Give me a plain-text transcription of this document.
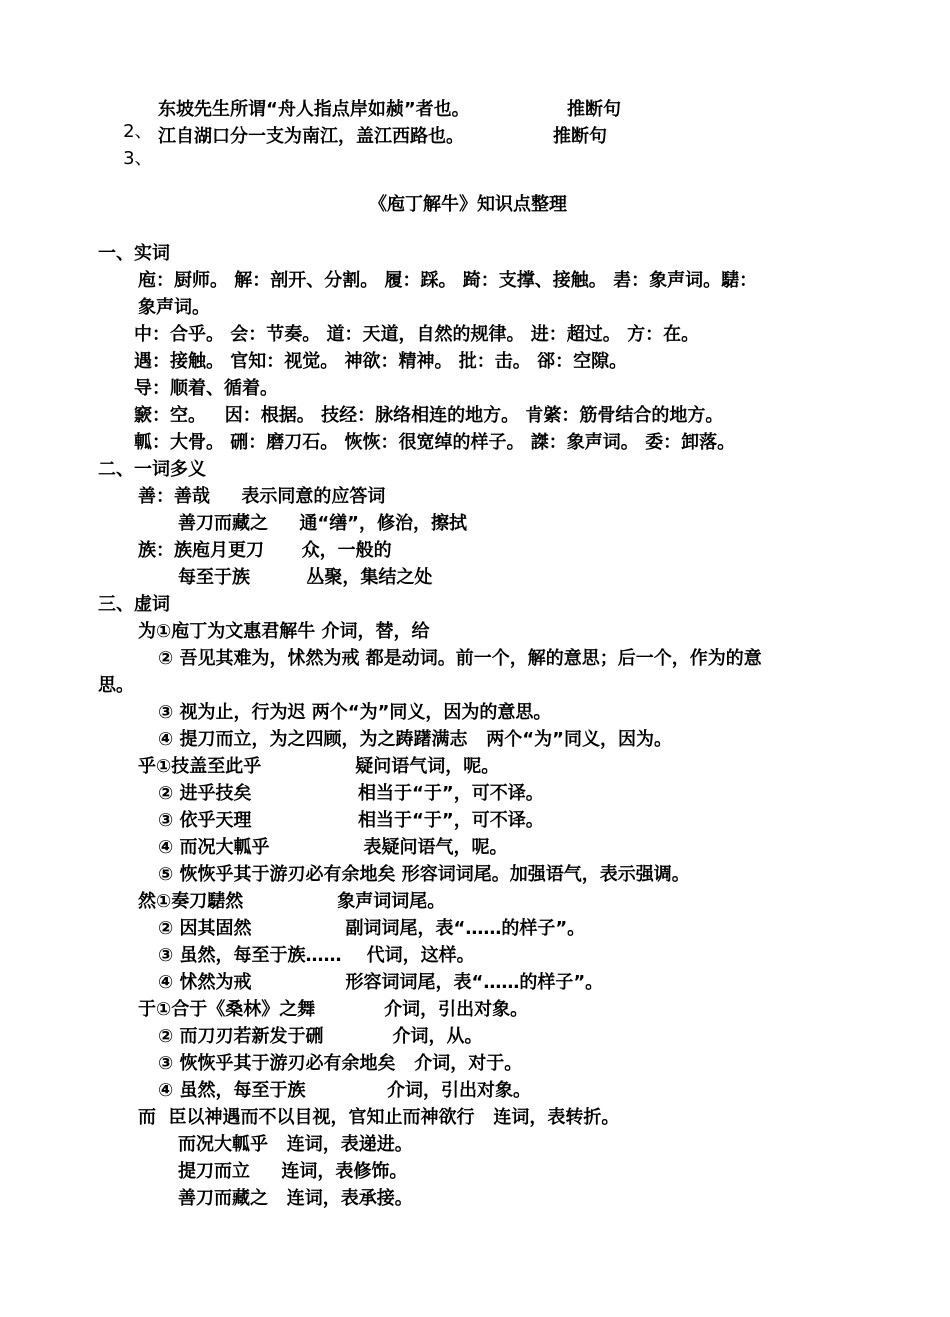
2、

东坡先生所谓“舟人指点岸如赪”者也。	推断句

3、

江自湖口分一支为南江，盖江西路也。	推断句
《庖丁解牛》知识点整理
一、实词
庖：厨师。 解：剖开、分割。 履：踩。 踦：支撑、接触。 砉：象声词。騞：
象声词。
中：合乎。 会：节奏。 道：天道，自然的规律。 进：超过。 方：在。
遇：接触。 官知：视觉。 神欲：精神。 批：击。 郤：空隙。
导：顺着、循着。
窾：空。   因：根据。 技经：脉络相连的地方。 肯綮：筋骨结合的地方。
軱：大骨。 硎：磨刀石。 恢恢：很宽绰的样子。 謋：象声词。 委：卸落。
二、一词多义
善：善哉     表示同意的应答词
善刀而藏之     通“缮”，修治，擦拭
族：族庖月更刀      众，一般的
每至于族         丛聚，集结之处
三、虚词
为①庖丁为文惠君解牛 介词，替，给
② 吾见其难为，怵然为戒 都是动词。前一个，解的意思；后一个，作为的意
思。
③ 视为止，行为迟 两个“为”同义，因为的意思。
④ 提刀而立，为之四顾，为之踌躇满志   两个“为”同义，因为。
乎①技盖至此乎               疑问语气词，呢。
② 进乎技矣                 相当于“于”，可不译。
③ 依乎天理                 相当于“于”，可不译。
④ 而况大軱乎               表疑问语气，呢。
⑤ 恢恢乎其于游刃必有余地矣 形容词词尾。加强语气，表示强调。
然①奏刀騞然               象声词词尾。
② 因其固然               副词词尾，表“……的样子”。
③ 虽然，每至于族……    代词，这样。
④ 怵然为戒               形容词词尾，表“……的样子”。
于①合于《桑林》之舞           介词，引出对象。
② 而刀刃若新发于硎           介词，从。
③ 恢恢乎其于游刃必有余地矣   介词，对于。
④ 虽然，每至于族             介词，引出对象。
而  臣以神遇而不以目视，官知止而神欲行   连词，表转折。
而况大軱乎   连词，表递进。
提刀而立     连词，表修饰。
善刀而藏之   连词，表承接。
